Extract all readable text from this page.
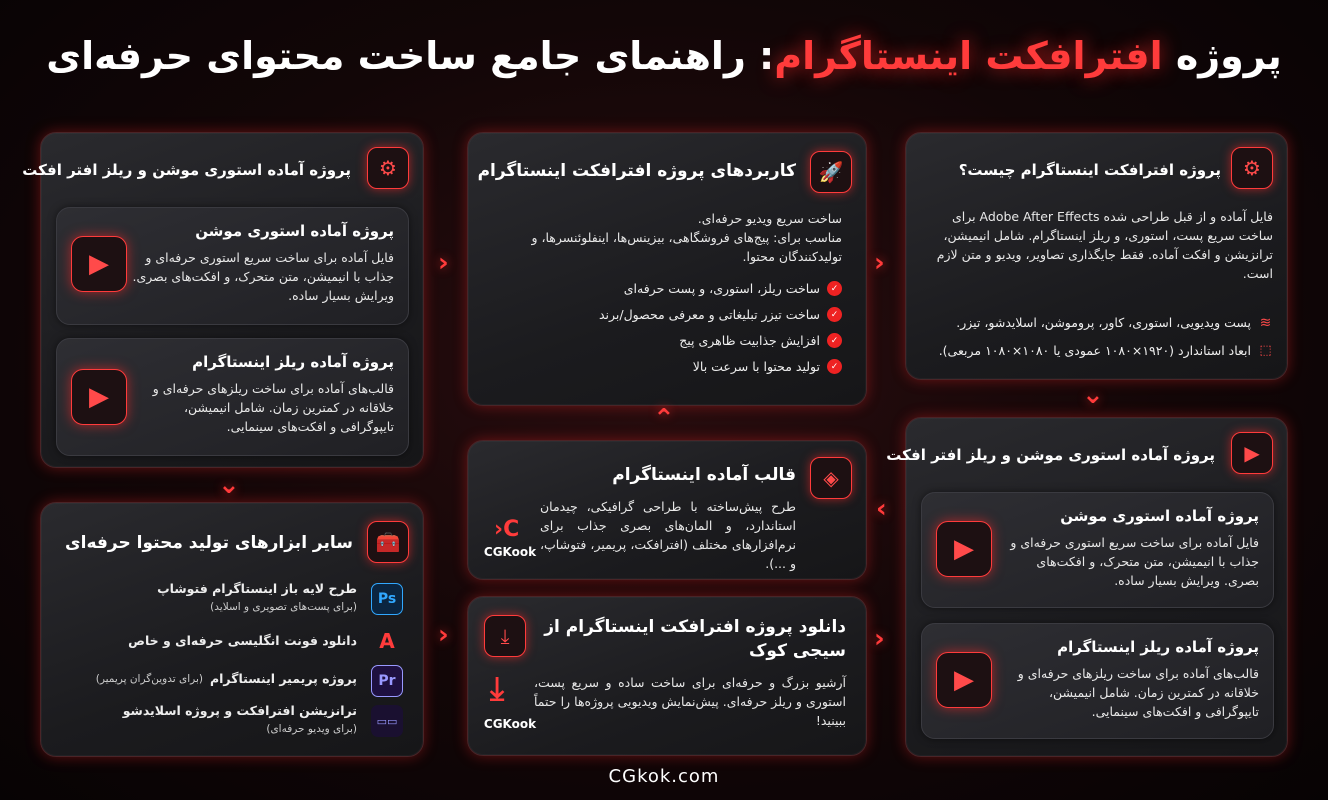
پروژه افترافکت اینستاگرام: راهنمای جامع ساخت محتوای حرفه‌ای
⚙
پروژه افترافکت اینستاگرام چیست؟
فایل آماده و از قبل طراحی شده Adobe After Effects برای ساخت سریع پست، استوری، و ریلز اینستاگرام. شامل انیمیشن، ترانزیشن و افکت آماده. فقط جایگذاری تصاویر، ویدیو و متن لازم است.
≋
پست ویدیویی، استوری، کاور، پروموشن، اسلایدشو، تیزر.
⬚
ابعاد استاندارد (۱۹۲۰×۱۰۸۰ عمودی یا ۱۰۸۰×۱۰۸۰ مربعی).
⌄
▶
پروژه آماده استوری موشن و ریلز افتر افکت
▶
پروژه آماده استوری موشن
فایل آماده برای ساخت سریع استوری حرفه‌ای و جذاب با انیمیشن، متن متحرک، و افکت‌های بصری. ویرایش بسیار ساده.
▶
پروژه آماده ریلز اینستاگرام
قالب‌های آماده برای ساخت ریلزهای حرفه‌ای و خلاقانه در کمترین زمان. شامل انیمیشن، تایپوگرافی و افکت‌های سینمایی.
‹
›
‹
🚀
کاربردهای پروژه افترافکت اینستاگرام
ساخت سریع ویدیو حرفه‌ای.
مناسب برای: پیج‌های فروشگاهی، بیزینس‌ها، اینفلوئنسرها، و تولیدکنندگان محتوا.
✓
ساخت ریلز، استوری، و پست حرفه‌ای
✓
ساخت تیزر تبلیغاتی و معرفی محصول/برند
✓
افزایش جذابیت ظاهری پیج
✓
تولید محتوا با سرعت بالا
⌃
◈
قالب آماده اینستاگرام
طرح پیش‌ساخته با طراحی گرافیکی، چیدمان استاندارد، و المان‌های بصری جذاب برای نرم‌افزارهای مختلف (افترافکت، پریمیر، فتوشاپ، و ...).
C‹
CGKook
⤓	دانلود پروژه افترافکت اینستاگرام از سیجی کوک
آرشیو بزرگ و حرفه‌ای برای ساخت ساده و سریع پست، استوری و ریلز حرفه‌ای. پیش‌نمایش ویدیویی پروژه‌ها را حتماً ببینید!
⤓
CGKook
‹
‹
⚙
پروژه آماده استوری موشن و ریلز افتر افکت
▶
پروژه آماده استوری موشن
فایل آماده برای ساخت سریع استوری حرفه‌ای و جذاب با انیمیشن، متن متحرک، و افکت‌های بصری. ویرایش بسیار ساده.
▶
پروژه آماده ریلز اینستاگرام
قالب‌های آماده برای ساخت ریلزهای حرفه‌ای و خلاقانه در کمترین زمان. شامل انیمیشن، تایپوگرافی و افکت‌های سینمایی.
⌄
🧰
سایر ابزارهای تولید محتوا حرفه‌ای
Ps
طرح لایه باز اینستاگرام فتوشاپ
(برای پست‌های تصویری و اسلاید)
A
دانلود فونت انگلیسی حرفه‌ای و خاص
Pr
پروژه پریمیر اینستاگرام
(برای تدوین‌گران پریمیر)
▭▭
ترانزیشن افترافکت و پروژه اسلایدشو
(برای ویدیو حرفه‌ای)
CGkok.com
